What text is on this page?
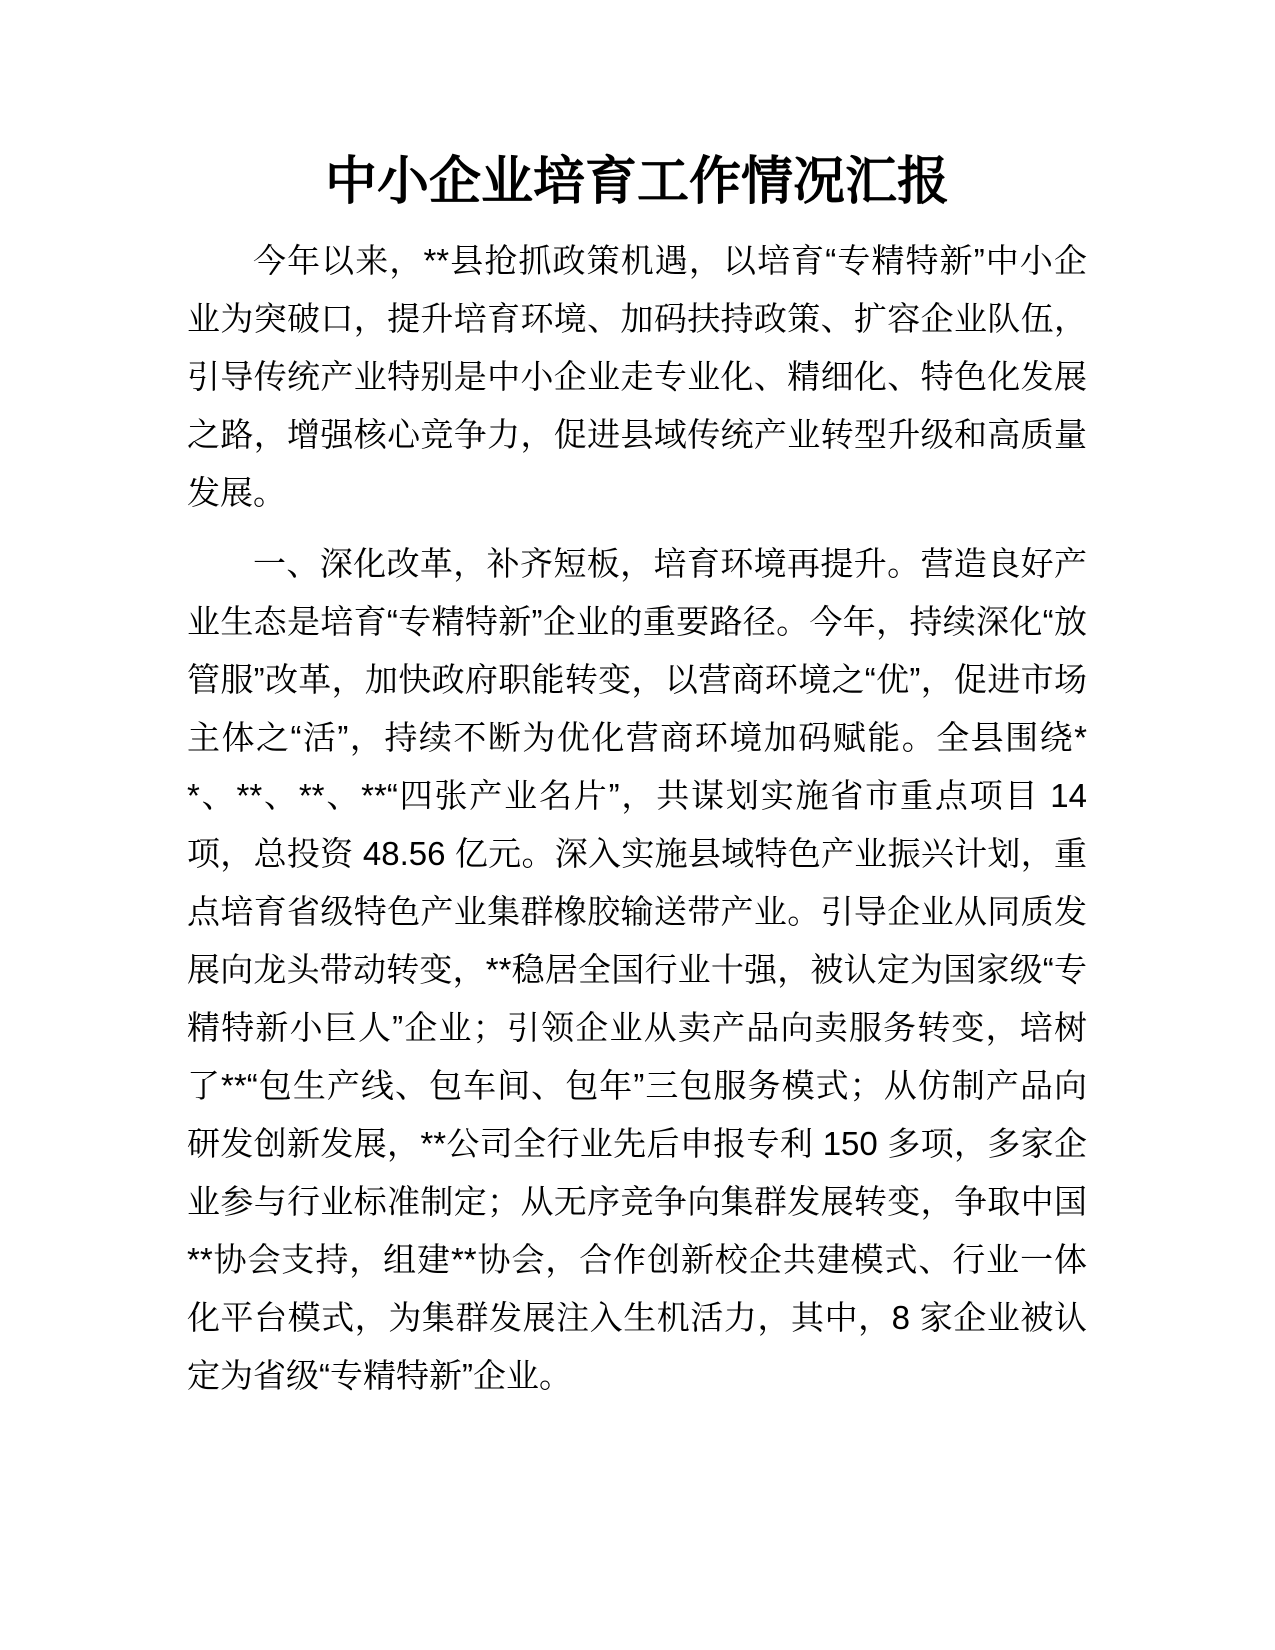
中小企业培育工作情况汇报

今年以来，**县抢抓政策机遇，以培育“专精特新”中小企业为突破口，提升培育环境、加码扶持政策、扩容企业队伍，引导传统产业特别是中小企业走专业化、精细化、特色化发展之路，增强核心竞争力，促进县域传统产业转型升级和高质量发展。

一、深化改革，补齐短板，培育环境再提升。营造良好产业生态是培育“专精特新”企业的重要路径。今年，持续深化“放管服”改革，加快政府职能转变，以营商环境之“优”，促进市场主体之“活”，持续不断为优化营商环境加码赋能。全县围绕**、**、**、**“四张产业名片”，共谋划实施省市重点项目 14 项，总投资 48.56 亿元。深入实施县域特色产业振兴计划，重点培育省级特色产业集群橡胶输送带产业。引导企业从同质发展向龙头带动转变，**稳居全国行业十强，被认定为国家级“专精特新小巨人”企业；引领企业从卖产品向卖服务转变，培树了**“包生产线、包车间、包年”三包服务模式；从仿制产品向研发创新发展，**公司全行业先后申报专利 150 多项，多家企业参与行业标准制定；从无序竞争向集群发展转变，争取中国**协会支持，组建**协会，合作创新校企共建模式、行业一体化平台模式，为集群发展注入生机活力，其中，8 家企业被认定为省级“专精特新”企业。
